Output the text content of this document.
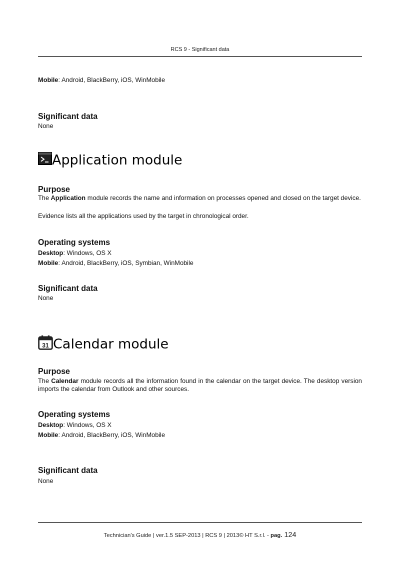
RCS 9 - Significant data
Mobile: Android, BlackBerry, iOS, WinMobile
Significant data
None
Application module
Purpose
The Application module records the name and information on processes opened and closed on the target device.
Evidence lists all the applications used by the target in chronological order.
Operating systems
Desktop: Windows, OS X
Mobile: Android, BlackBerry, iOS, Symbian, WinMobile
Significant data
None
31 Calendar module
Purpose
The Calendar module records all the information found in the calendar on the target device. The desktop version imports the calendar from Outlook and other sources.
Operating systems
Desktop: Windows, OS X
Mobile: Android, BlackBerry, iOS, WinMobile
Significant data
None
Technician's Guide | ver.1.5 SEP-2013 | RCS 9 | 2013© HT S.r.l. - pag. 124
